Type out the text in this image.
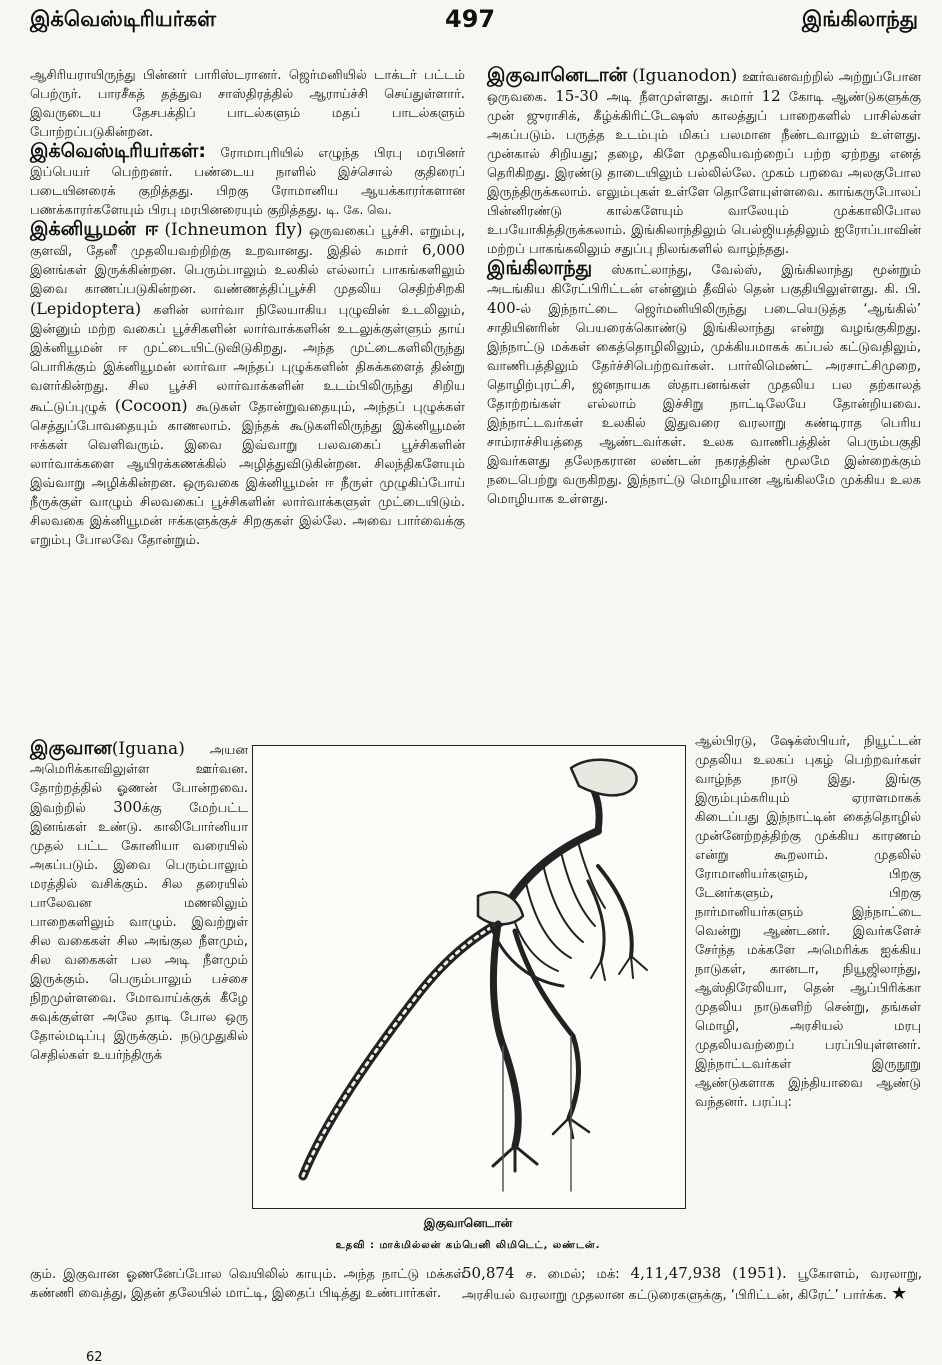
இக்வெஸ்டிரியர்கள்	497	இங்கிலாந்து

ஆசிரியராயிருந்து பின்னர் பாரிஸ்டரானர். ஜெர்மனியில் டாக்டர் பட்டம் பெற்ருர். பாரசீகத் தத்துவ சாஸ்திரத்தில் ஆராய்ச்சி செய்துள்ளார். இவருடைய தேசபக்திப் பாடல்களும் மதப் பாடல்களும் போற்றப்படுகின்றன.

இக்வெஸ்டிரியர்கள்: ரோமாபுரியில் எழுந்த பிரபு மரபினர் இப்பெயர் பெற்றனர். பண்டைய நாளில் இச்சொல் குதிரைப் படையினரைக் குறித்தது. பிறகு ரோமானிய ஆயக்காரர்களான பணக்காரர்களேயும் பிரபு மரபினரையும் குறித்தது. டி. கே. வெ.

இக்னியூமன் ஈ (Ichneumon fly) ஒருவகைப் பூச்சி. எறும்பு, குளவி, தேனீ முதலியவற்றிற்கு உறவானது. இதில் சுமார் 6,000 இனங்கள் இருக்கின்றன. பெரும்பாலும் உலகில் எல்லாப் பாகங்களிலும் இவை காணப்படுகின்றன. வண்ணத்திப்பூச்சி முதலிய செதிற்சிறகி (Lepidoptera) களின் லார்வா நிலேயாகிய புழுவின் உடலிலும், இன்னும் மற்ற வகைப் பூச்சிகளின் லார்வாக்களின் உடலுக்குள்ளும் தாய் இக்னியூமன் ஈ முட்டையிட்டுவிடுகிறது. அந்த முட்டைகளிலிருந்து பொரிக்கும் இக்னியூமன் லார்வா அந்தப் புழுக்களின் திசுக்களைத் தின்று வளர்கின்றது. சில பூச்சி லார்வாக்களின் உடம்பிலிருந்து சிறிய கூட்டுப்புழுக் (Cocoon) கூடுகள் தோன்றுவதையும், அந்தப் புழுக்கள் செத்துப்போவதையும் காணலாம். இந்தக் கூடுகளிலிருந்து இக்னியூமன் ஈக்கள் வெளிவரும். இவை இவ்வாறு பலவகைப் பூச்சிகளின் லார்வாக்களை ஆயிரக்கணக்கில் அழித்துவிடுகின்றன. சிலந்திகளேயும் இவ்வாறு அழிக்கின்றன. ஒருவகை இக்னியூமன் ஈ நீருள் முழுகிப்போய் நீருக்குள் வாழும் சிலவகைப் பூச்சிகளின் லார்வாக்களுள் முட்டையிடும். சிலவகை இக்னியூமன் ஈக்களுக்குச் சிறகுகள் இல்லே. அவை பார்வைக்கு எறும்பு போலவே தோன்றும்.

இகுவான(Iguana) அயன அமெரிக்காவிலுள்ள ஊர்வன. தோற்றத்தில் ஓணன் போன்றவை. இவற்றில் 300க்கு மேற்பட்ட இனங்கள் உண்டு. காலிபோர்னியா முதல் பட்ட கோனியா வரையில் அகப்படும். இவை பெரும்பாலும் மரத்தில் வசிக்கும். சில தரையில் பாலேவன மணலிலும் பாறைகளிலும் வாழும். இவற்றுள் சில வகைகள் சில அங்குல நீளமும், சில வகைகள் பல அடி நீளமும் இருக்கும். பெரும்பாலும் பச்சை நிறமுள்ளவை. மோவாய்க்குக் கீழே சுவுக்குள்ள அலே தாடி போல ஒரு தோல்மடிப்பு இருக்கும். நடுமுதுகில் செதில்கள் உயர்ந்திருக்

கும். இகுவான ஓணனேப்போல வெயிலில் காயும். அந்த நாட்டு மக்கள் கண்ணி வைத்து, இதன் தலேயில் மாட்டி, இதைப் பிடித்து உண்பார்கள்.

இகுவானெடான் (Iguanodon) ஊர்வனவற்றில் அற்றுப்போன ஒருவகை. 15-30 அடி நீளமுள்ளது. சுமார் 12 கோடி ஆண்டுகளுக்கு முன் ஜுராசிக், கீழ்க்கிரிட்டேஷஸ் காலத்துப் பாறைகளில் பாசில்கள் அகப்படும். பருத்த உடம்பும் மிகப் பலமான நீண்டவாலும் உள்ளது. முன்கால் சிறியது; தழை, கிளே முதலியவற்றைப் பற்ற ஏற்றது எனத் தெரிகிறது. இரண்டு தாடையிலும் பல்லில்லே. முகம் பறவை அலகுபோல இருந்திருக்கலாம். எலும்புகள் உள்ளே தொளேயுள்ளவை. காங்கருபோலப் பின்னிரண்டு கால்களேயும் வாலேயும் முக்காலிபோல உபயோகித்திருக்கலாம். இங்கிலாந்திலும் பெல்ஜியத்திலும் ஐரோப்பாவின் மற்றப் பாகங்கலிலும் சதுப்பு நிலங்களில் வாழ்ந்தது.

இங்கிலாந்து ஸ்காட்லாந்து, வேல்ஸ், இங்கிலாந்து மூன்றும் அடங்கிய கிரேட்பிரிட்டன் என்னும் தீவில் தென் பகுதியிலுள்ளது. கி. பி. 400-ல் இந்நாட்டை ஜெர்மனியிலிருந்து படையெடுத்த ‘ஆங்கில்’ சாதியினரின் பெயரைக்கொண்டு இங்கிலாந்து என்று வழங்குகிறது. இந்நாட்டு மக்கள் கைத்தொழிலிலும், முக்கியமாகக் கப்பல் கட்டுவதிலும், வாணிபத்திலும் தேர்ச்சிபெற்றவர்கள். பார்லிமெண்ட் அரசாட்சிமுறை, தொழிற்புரட்சி, ஜனநாயக ஸ்தாபனங்கள் முதலிய பல தற்காலத் தோற்றங்கள் எல்லாம் இச்சிறு நாட்டிலேயே தோன்றியவை. இந்நாட்டவர்கள் உலகில் இதுவரை வரலாறு கண்டிராத பெரிய சாம்ராச்சியத்தை ஆண்டவர்கள். உலக வாணிபத்தின் பெரும்பகுதி இவர்களது தலேநகரான லண்டன் நகரத்தின் மூலமே இன்றைக்கும் நடைபெற்று வருகிறது. இந்நாட்டு மொழியான ஆங்கிலமே முக்கிய உலக மொழியாக உள்ளது.

ஆல்பிரடு, ஷேக்ஸ்பியர், நியூட்டன் முதலிய உலகப் புகழ் பெற்றவர்கள் வாழ்ந்த நாடு இது. இங்கு இரும்பும்கரியும் ஏராளமாகக் கிடைப்பது இந்நாட்டின் கைத்தொழில் முன்னேற்றத்திற்கு முக்கிய காரணம் என்று கூறலாம். முதலில் ரோமானியர்களும், பிறகு டேனர்களும், பிறகு நார்மானியர்களும் இந்நாட்டை வென்று ஆண்டனர். இவர்களேச் சேர்ந்த மக்களே அமெரிக்க ஐக்கிய நாடுகள், கானடா, நியூஜிலாந்து, ஆஸ்திரேலியா, தென் ஆப்பிரிக்கா முதலிய நாடுகளிற் சென்று, தங்கள் மொழி, அரசியல் மரபு முதலியவற்றைப் பரப்பியுள்ளனர். இந்நாட்டவர்கள் இருநூறு ஆண்டுகளாக இந்தியாவை ஆண்டு வந்தனர். பரப்பு:

50,874 ச. மைல்; மக்: 4,11,47,938 (1951). பூகோளம், வரலாறு, அரசியல் வரலாறு முதலான கட்டுரைகளுக்கு, ‘பிரிட்டன், கிரேட்’ பார்க்க. ★

இகுவானெடான்
உதவி : மாக்மில்லன் கம்பெனி லிமிடெட், லண்டன்.
62
